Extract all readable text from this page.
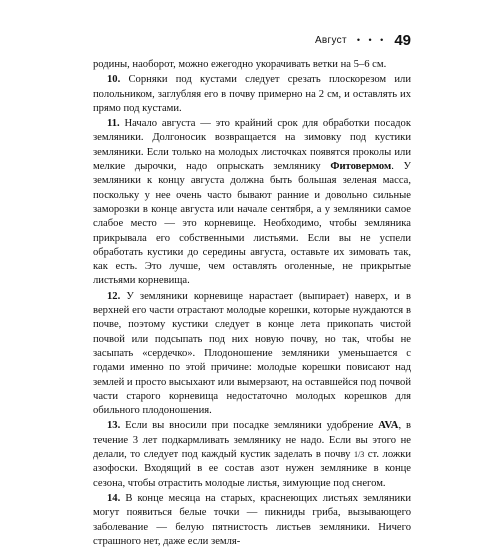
Август • • • 49

родины, наоборот, можно ежегодно укорачивать ветки на 5–6 см.

10. Сорняки под кустами следует срезать плоскорезом или полольником, заглубляя его в почву примерно на 2 см, и оставлять их прямо под кустами.

11. Начало августа — это крайний срок для обработки посадок земляники. Долгоносик возвращается на зимовку под кустики земляники. Если только на молодых листочках появятся проколы или мелкие дырочки, надо опрыскать землянику Фитовермом. У земляники к концу августа должна быть большая зеленая масса, поскольку у нее очень часто бывают ранние и довольно сильные заморозки в конце августа или начале сентября, а у земляники самое слабое место — это корневище. Необходимо, чтобы земляника прикрывала его собственными листьями. Если вы не успели обработать кустики до середины августа, оставьте их зимовать так, как есть. Это лучше, чем оставлять оголенные, не прикрытые листьями корневища.

12. У земляники корневище нарастает (выпирает) наверх, и в верхней его части отрастают молодые корешки, которые нуждаются в почве, поэтому кустики следует в конце лета прикопать чистой почвой или подсыпать под них новую почву, но так, чтобы не засыпать «сердечко». Плодоношение земляники уменьшается с годами именно по этой причине: молодые корешки повисают над землей и просто высыхают или вымерзают, на оставшейся под почвой части старого корневища недостаточно молодых корешков для обильного плодоношения.

13. Если вы вносили при посадке земляники удобрение AVA, в течение 3 лет подкармливать землянику не надо. Если вы этого не делали, то следует под каждый кустик заделать в почву 1/3 ст. ложки азофоски. Входящий в ее состав азот нужен землянике в конце сезона, чтобы отрастить молодые листья, зимующие под снегом.

14. В конце месяца на старых, краснеющих листьях земляники могут появиться белые точки — пикниды гриба, вызывающего заболевание — белую пятнистость листьев земляники. Ничего страшного нет, даже если земля-
